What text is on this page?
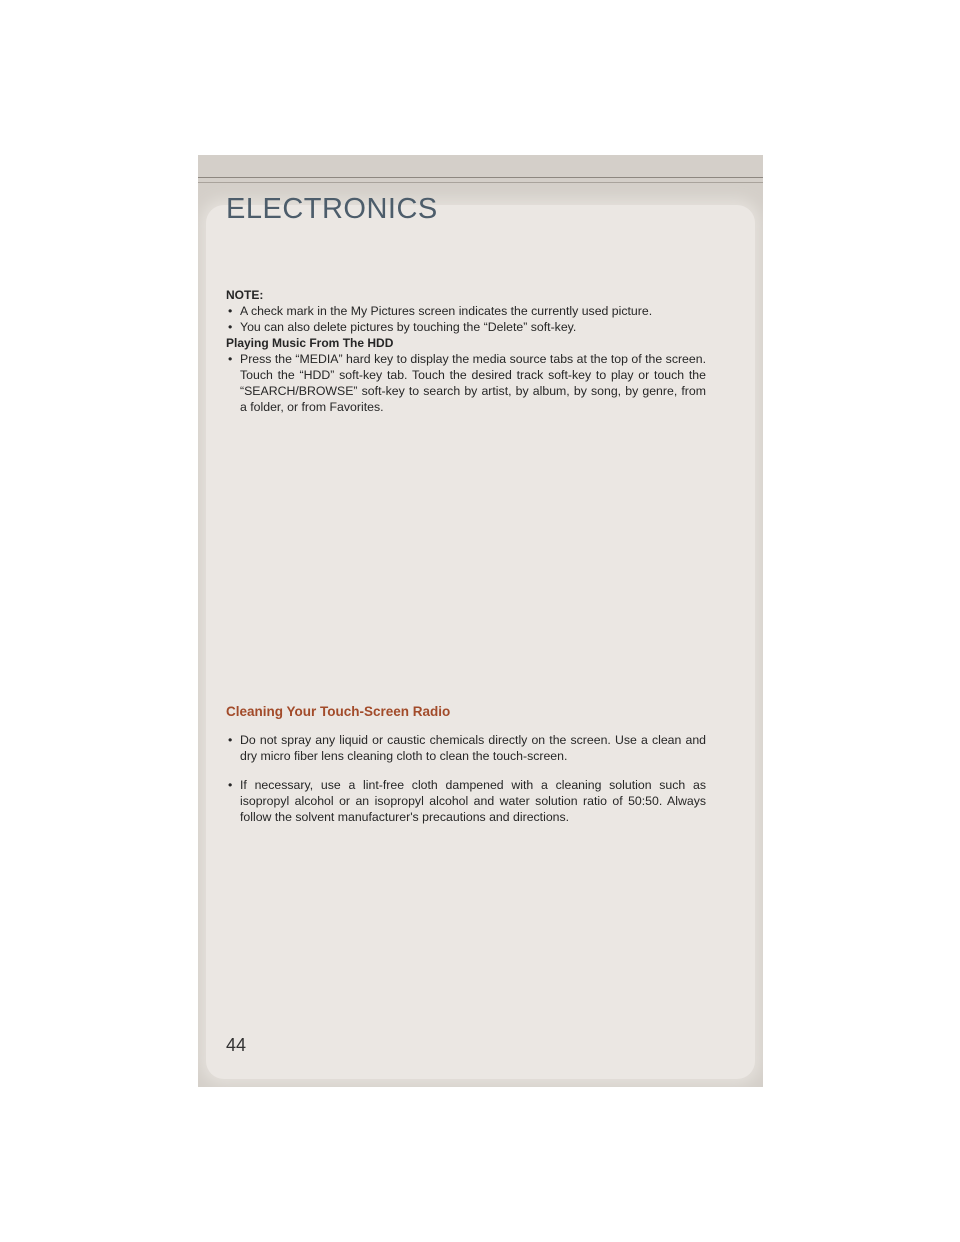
ELECTRONICS

NOTE:

• A check mark in the My Pictures screen indicates the currently used picture.

• You can also delete pictures by touching the “Delete” soft-key.

Playing Music From The HDD

• Press the “MEDIA” hard key to display the media source tabs at the top of the screen. Touch the “HDD” soft-key tab. Touch the desired track soft-key to play or touch the “SEARCH/BROWSE” soft-key to search by artist, by album, by song, by genre, from a folder, or from Favorites.

Cleaning Your Touch-Screen Radio

• Do not spray any liquid or caustic chemicals directly on the screen. Use a clean and dry micro fiber lens cleaning cloth to clean the touch-screen.

• If necessary, use a lint-free cloth dampened with a cleaning solution such as isopropyl alcohol or an isopropyl alcohol and water solution ratio of 50:50. Always follow the solvent manufacturer's precautions and directions.

44
